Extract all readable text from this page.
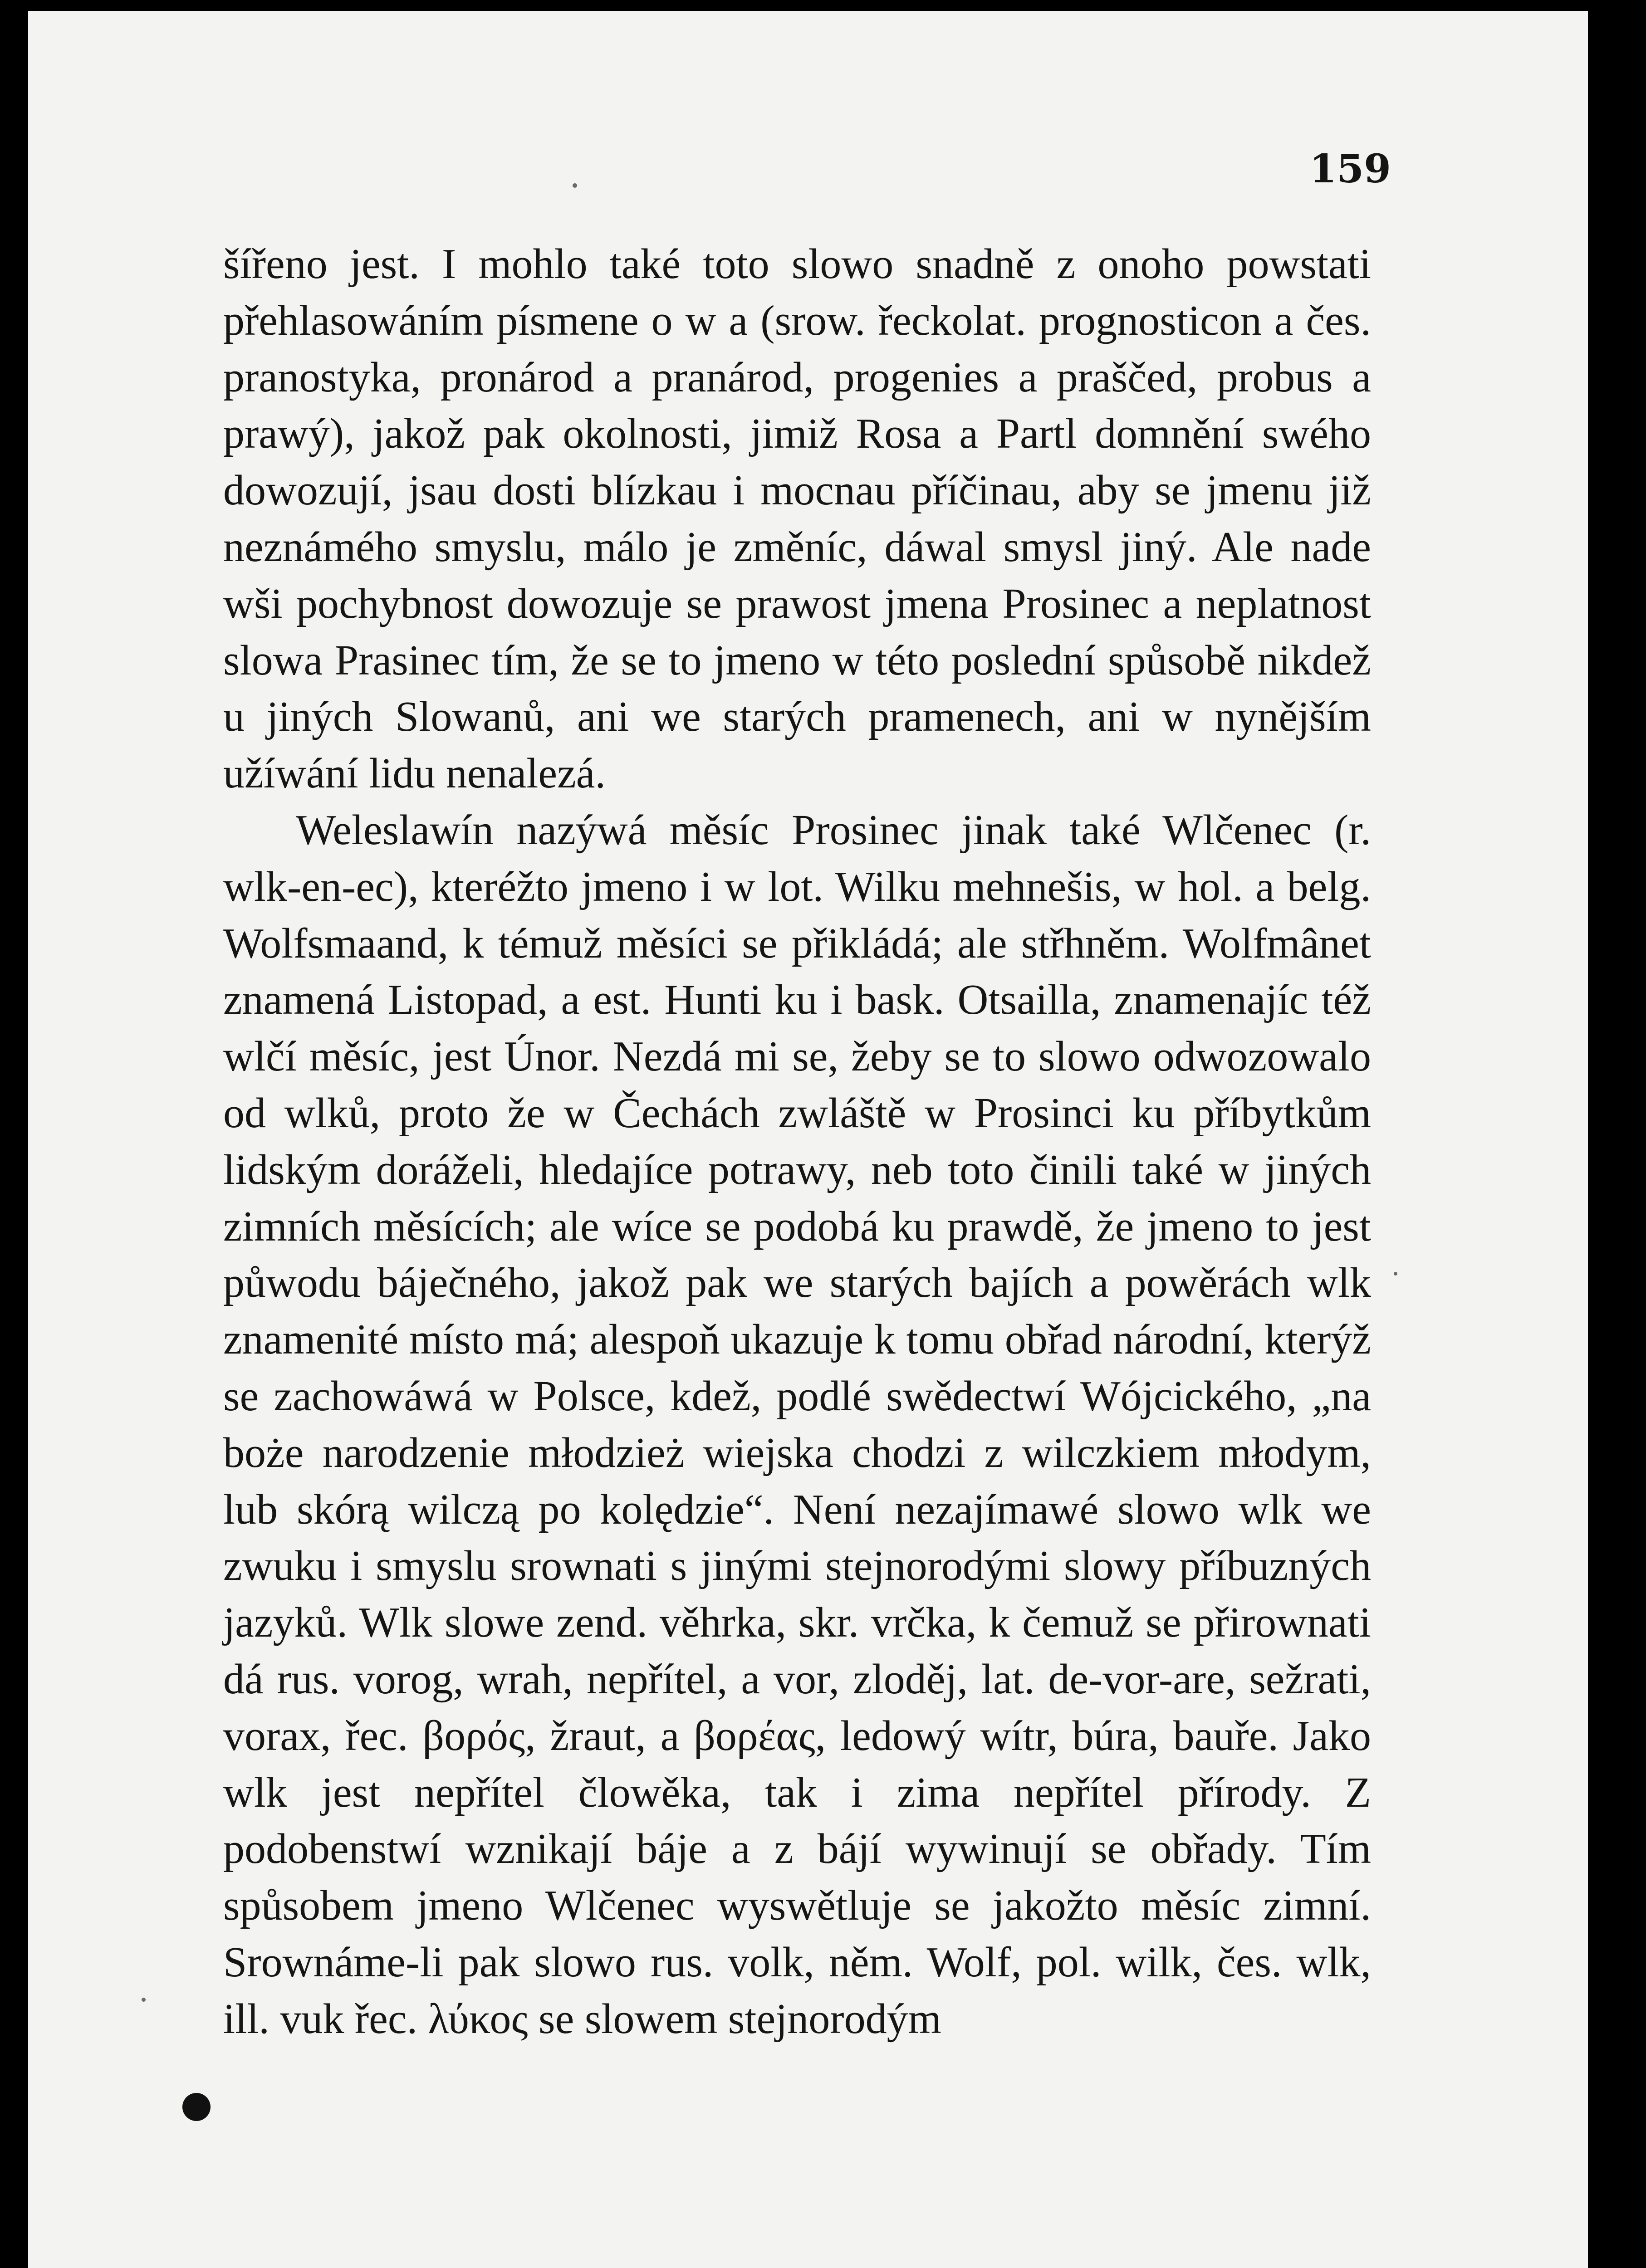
159

šířeno jest. I mohlo také toto slowo snadně z onoho powstati přehlasowáním písmene o w a (srow. řeckolat. prognosticon a čes. pranostyka, pronárod a pranárod, progenies a praščed, probus a prawý), jakož pak okolnosti, jimiž Rosa a Partl domnění swého dowozují, jsau dosti blízkau i mocnau příčinau, aby se jmenu již neznámého smyslu, málo je změníc, dáwal smysl jiný. Ale nade wši pochybnost dowozuje se prawost jmena Prosinec a neplatnost slowa Prasinec tím, že se to jmeno w této poslední spůsobě nikdež u jiných Slowanů, ani we starých pramenech, ani w nynějším užíwání lidu nenalezá.

Weleslawín nazýwá měsíc Prosinec jinak také Wlčenec (r. wlk-en-ec), kteréžto jmeno i w lot. Wilku mehnešis, w hol. a belg. Wolfsmaand, k témuž měsíci se přikládá; ale střhněm. Wolfmânet znamená Listopad, a est. Hunti ku i bask. Otsailla, znamenajíc též wlčí měsíc, jest Únor. Nezdá mi se, žeby se to slowo odwozowalo od wlků, proto že w Čechách zwláště w Prosinci ku příbytkům lidským doráželi, hledajíce potrawy, neb toto činili také w jiných zimních měsících; ale wíce se podobá ku prawdě, že jmeno to jest půwodu báječného, jakož pak we starých bajích a powěrách wlk znamenité místo má; alespoň ukazuje k tomu obřad národní, kterýž se zachowáwá w Polsce, kdež, podlé swědectwí Wójcického, „na boże narodzenie młodzież wiejska chodzi z wilczkiem młodym, lub skórą wilczą po kolędzie“. Není nezajímawé slowo wlk we zwuku i smyslu srownati s jinými stejnorodými slowy příbuzných jazyků. Wlk slowe zend. věhrka, skr. vrčka, k čemuž se přirownati dá rus. vorog, wrah, nepřítel, a vor, zloděj, lat. de-vor-are, sežrati, vorax, řec. βορός, žraut, a βορέας, ledowý wítr, búra, bauře. Jako wlk jest nepřítel člowěka, tak i zima nepřítel přírody. Z podobenstwí wznikají báje a z bájí wywinují se obřady. Tím spůsobem jmeno Wlčenec wyswětluje se jakožto měsíc zimní. Srownáme-li pak slowo rus. volk, něm. Wolf, pol. wilk, čes. wlk, ill. vuk řec. λύκος se slowem stejnorodým
